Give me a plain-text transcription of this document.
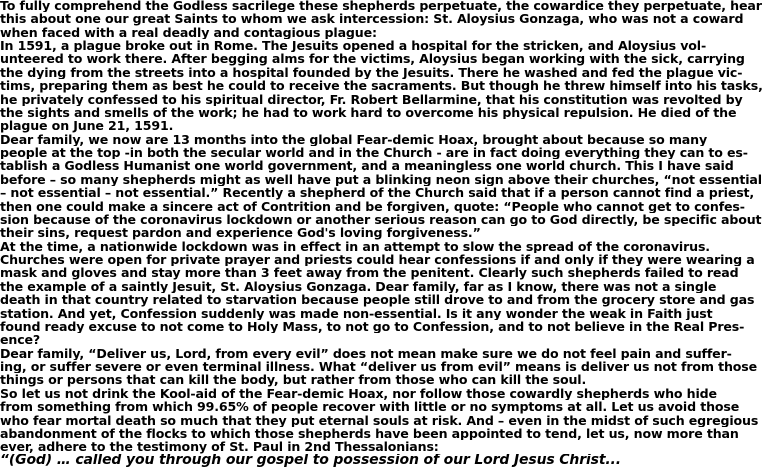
To fully comprehend the Godless sacrilege these shepherds perpetuate, the cowardice they perpetuate, hear
this about one our great Saints to whom we ask intercession: St. Aloysius Gonzaga, who was not a coward
when faced with a real deadly and contagious plague:
In 1591, a plague broke out in Rome. The Jesuits opened a hospital for the stricken, and Aloysius vol-
unteered to work there. After begging alms for the victims, Aloysius began working with the sick, carrying
the dying from the streets into a hospital founded by the Jesuits. There he washed and fed the plague vic-
tims, preparing them as best he could to receive the sacraments. But though he threw himself into his tasks,
he privately confessed to his spiritual director, Fr. Robert Bellarmine, that his constitution was revolted by
the sights and smells of the work; he had to work hard to overcome his physical repulsion. He died of the
plague on June 21, 1591.
Dear family, we now are 13 months into the global Fear-demic Hoax, brought about because so many
people at the top -in both the secular world and in the Church - are in fact doing everything they can to es-
tablish a Godless Humanist one world government, and a meaningless one world church. This I have said
before – so many shepherds might as well have put a blinking neon sign above their churches, “not essential
– not essential – not essential.” Recently a shepherd of the Church said that if a person cannot find a priest,
then one could make a sincere act of Contrition and be forgiven, quote: “People who cannot get to confes-
sion because of the coronavirus lockdown or another serious reason can go to God directly, be specific about
their sins, request pardon and experience God's loving forgiveness.”
At the time, a nationwide lockdown was in effect in an attempt to slow the spread of the coronavirus.
Churches were open for private prayer and priests could hear confessions if and only if they were wearing a
mask and gloves and stay more than 3 feet away from the penitent. Clearly such shepherds failed to read
the example of a saintly Jesuit, St. Aloysius Gonzaga. Dear family, far as I know, there was not a single
death in that country related to starvation because people still drove to and from the grocery store and gas
station. And yet, Confession suddenly was made non-essential. Is it any wonder the weak in Faith just
found ready excuse to not come to Holy Mass, to not go to Confession, and to not believe in the Real Pres-
ence?
Dear family, “Deliver us, Lord, from every evil” does not mean make sure we do not feel pain and suffer-
ing, or suffer severe or even terminal illness. What “deliver us from evil” means is deliver us not from those
things or persons that can kill the body, but rather from those who can kill the soul.
So let us not drink the Kool-aid of the Fear-demic Hoax, nor follow those cowardly shepherds who hide
from something from which 99.65% of people recover with little or no symptoms at all. Let us avoid those
who fear mortal death so much that they put eternal souls at risk. And – even in the midst of such egregious
abandonment of the flocks to which those shepherds have been appointed to tend, let us, now more than
ever, adhere to the testimony of St. Paul in 2nd Thessalonians:
“(God) … called you through our gospel to possession of our Lord Jesus Christ...
